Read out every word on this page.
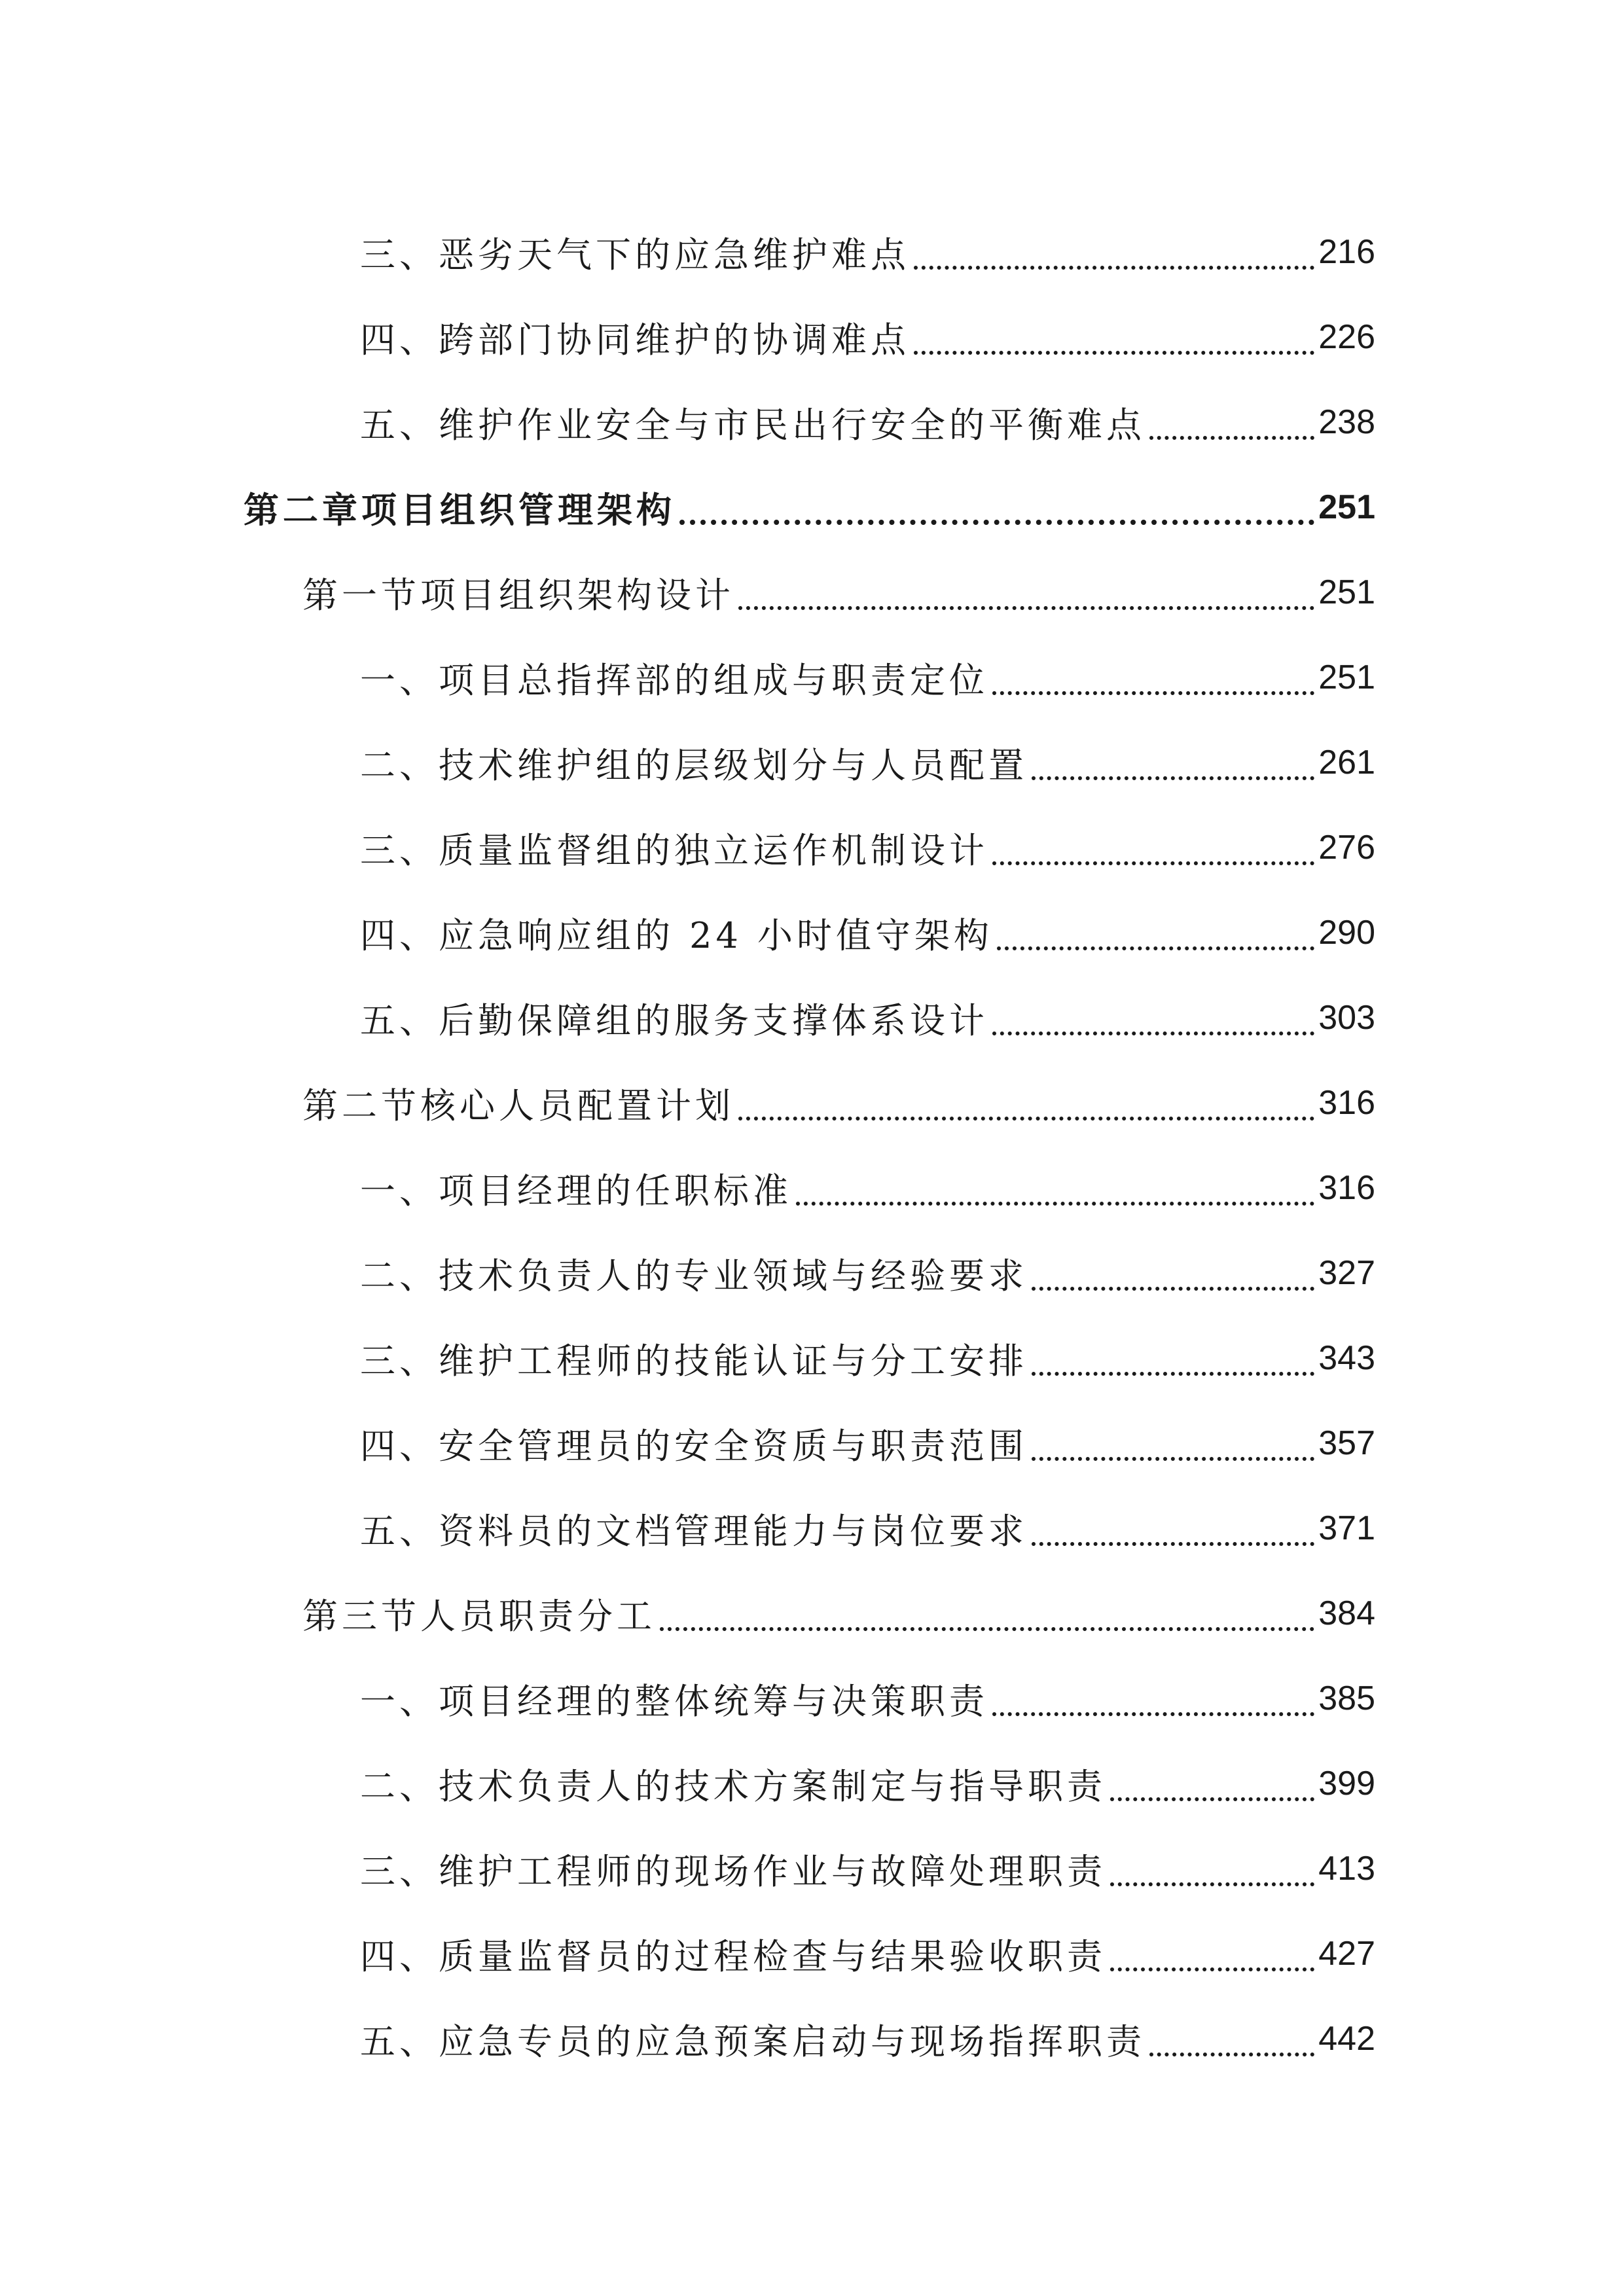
三、恶劣天气下的应急维护难点	216
四、跨部门协同维护的协调难点	226
五、维护作业安全与市民出行安全的平衡难点	238
第二章项目组织管理架构	251
第一节项目组织架构设计	251
一、项目总指挥部的组成与职责定位	251
二、技术维护组的层级划分与人员配置	261
三、质量监督组的独立运作机制设计	276
四、应急响应组的 24 小时值守架构	290
五、后勤保障组的服务支撑体系设计	303
第二节核心人员配置计划	316
一、项目经理的任职标准	316
二、技术负责人的专业领域与经验要求	327
三、维护工程师的技能认证与分工安排	343
四、安全管理员的安全资质与职责范围	357
五、资料员的文档管理能力与岗位要求	371
第三节人员职责分工	384
一、项目经理的整体统筹与决策职责	385
二、技术负责人的技术方案制定与指导职责	399
三、维护工程师的现场作业与故障处理职责	413
四、质量监督员的过程检查与结果验收职责	427
五、应急专员的应急预案启动与现场指挥职责	442
